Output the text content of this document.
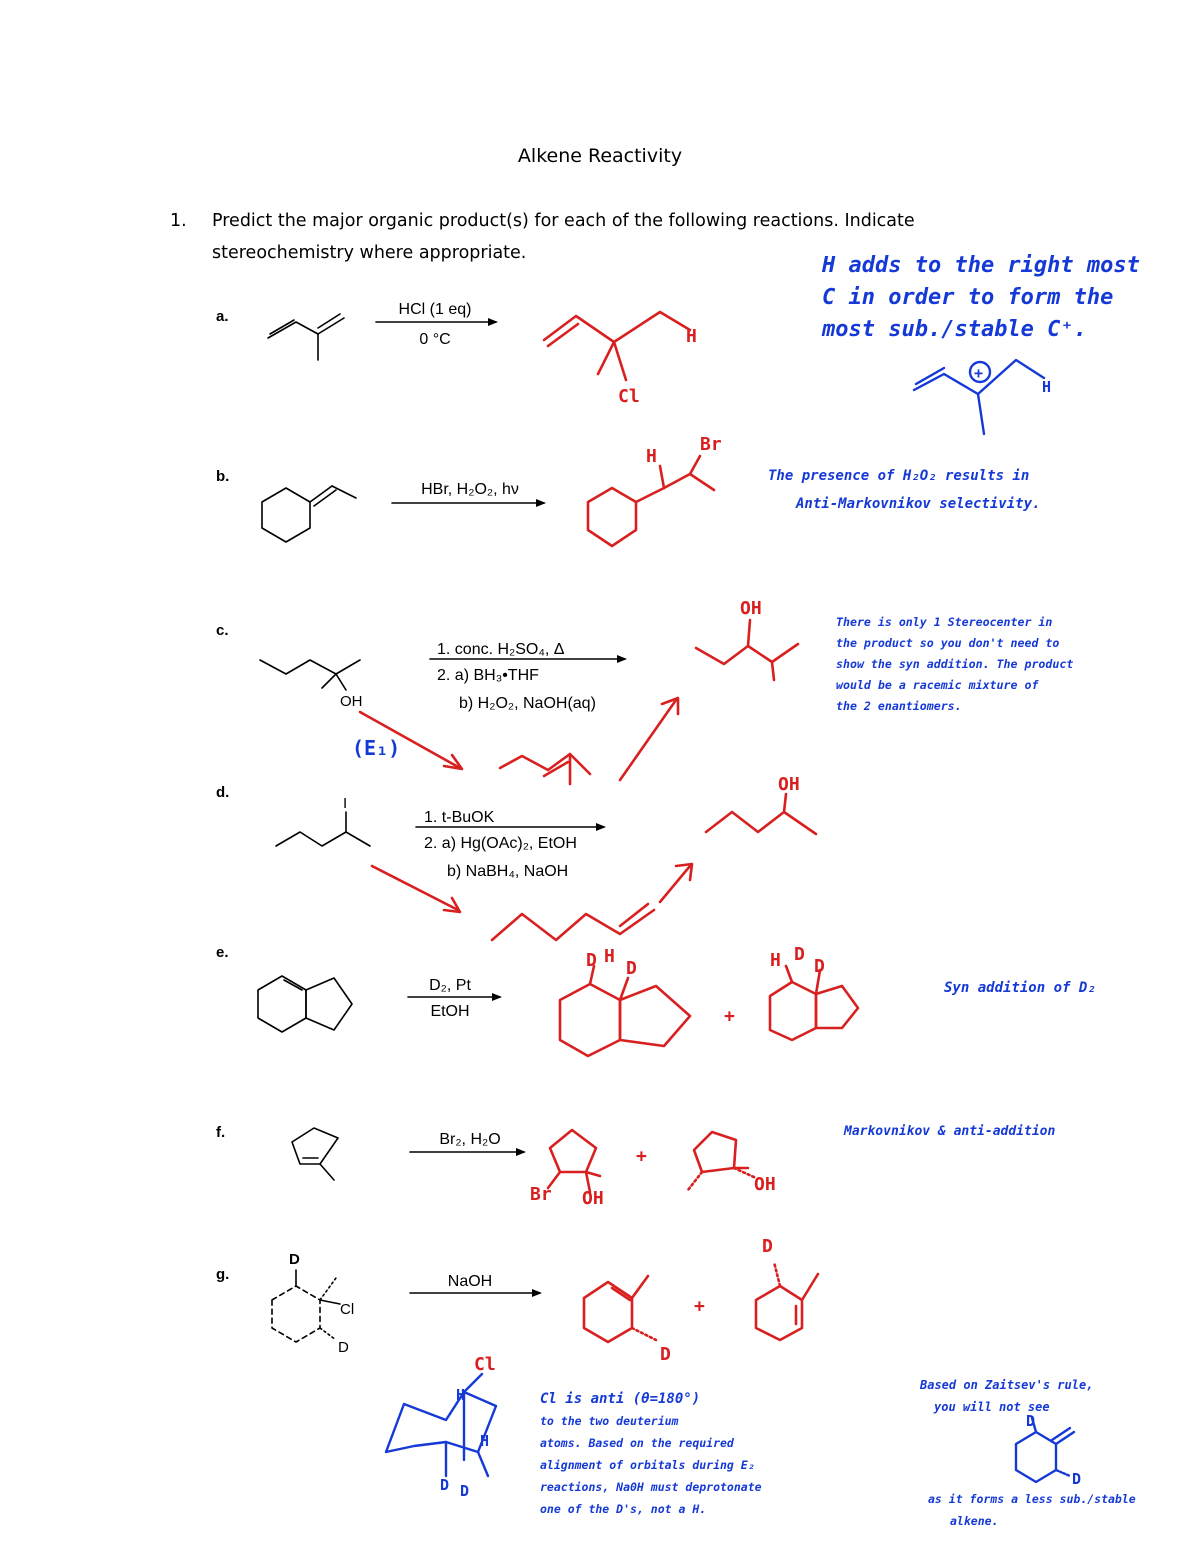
Alkene Reactivity
1. Predict the major organic product(s) for each of the following reactions. Indicate stereochemistry where appropriate.
a.
b.
c.
d.
e.
f.
g.
HCl (1 eq)
0 °C
HBr, H₂O₂, hν
1. conc. H₂SO₄, Δ
2. a) BH₃•THF
b) H₂O₂, NaOH(aq)
1. t-BuOK
2. a) Hg(OAc)₂, EtOH
b) NaBH₄, NaOH
D₂, Pt
EtOH
Br₂, H₂O
NaOH
OH
I
D
Cl
D
H
Cl
H
Br
OH
OH
D H
D
+
H D
D
Br OH
+
OH
D
+
D
+
H
Cl
H
H
D D
D
D
(E₁)
H adds to the right most
C in order to form the
most sub./stable C⁺.
The presence of H₂O₂ results in
Anti-Markovnikov selectivity.
There is only 1 Stereocenter in
the product so you don't need to
show the syn addition. The product
would be a racemic mixture of
the 2 enantiomers.
Syn addition of D₂
Markovnikov & anti-addition
Cl is anti (θ=180°)
to the two deuterium
atoms. Based on the required
alignment of orbitals during E₂
reactions, Na0H must deprotonate
one of the D's, not a H.
Based on Zaitsev's rule,
you will not see
as it forms a less sub./stable
alkene.
